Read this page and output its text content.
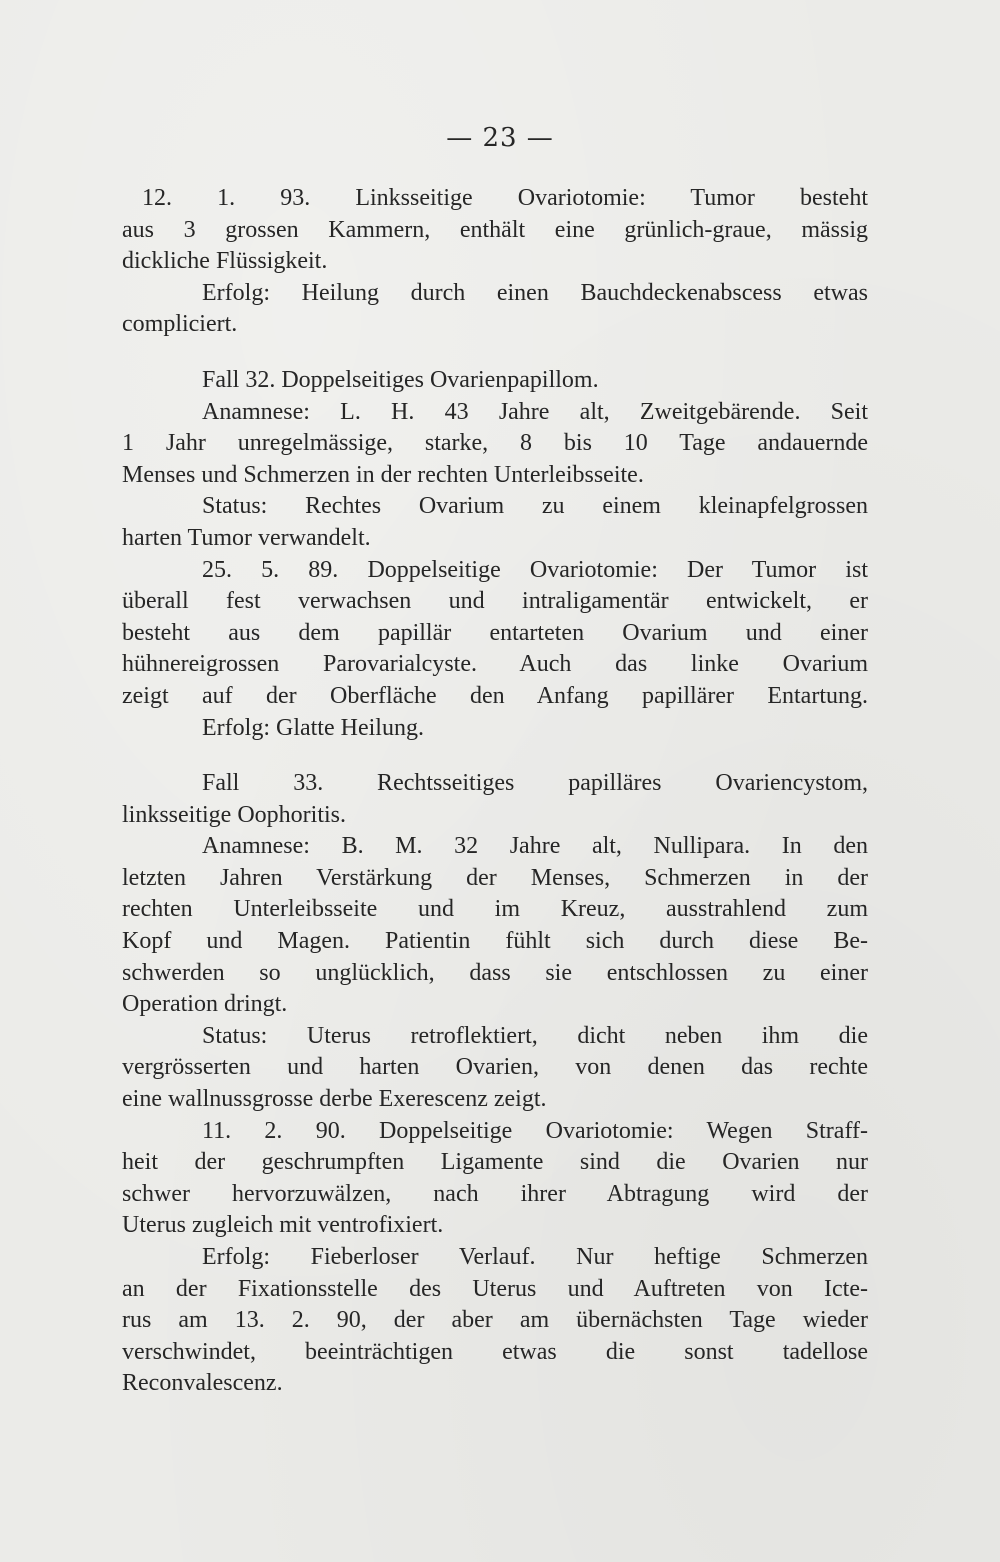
— 23 —
12. 1. 93. Linksseitige Ovariotomie: Tumor besteht
aus 3 grossen Kammern, enthält eine grünlich-graue, mässig
dickliche Flüssigkeit.
Erfolg: Heilung durch einen Bauchdeckenabscess etwas
compliciert.
Fall 32. Doppelseitiges Ovarienpapillom.
Anamnese: L. H. 43 Jahre alt, Zweitgebärende. Seit
1 Jahr unregelmässige, starke, 8 bis 10 Tage andauernde
Menses und Schmerzen in der rechten Unterleibsseite.
Status: Rechtes Ovarium zu einem kleinapfelgrossen
harten Tumor verwandelt.
25. 5. 89. Doppelseitige Ovariotomie: Der Tumor ist
überall fest verwachsen und intraligamentär entwickelt, er
besteht aus dem papillär entarteten Ovarium und einer
hühnereigrossen Parovarialcyste. Auch das linke Ovarium
zeigt auf der Oberfläche den Anfang papillärer Entartung.
Erfolg: Glatte Heilung.
Fall 33. Rechtsseitiges papilläres Ovariencystom,
linksseitige Oophoritis.
Anamnese: B. M. 32 Jahre alt, Nullipara. In den
letzten Jahren Verstärkung der Menses, Schmerzen in der
rechten Unterleibsseite und im Kreuz, ausstrahlend zum
Kopf und Magen. Patientin fühlt sich durch diese Be-
schwerden so unglücklich, dass sie entschlossen zu einer
Operation dringt.
Status: Uterus retroflektiert, dicht neben ihm die
vergrösserten und harten Ovarien, von denen das rechte
eine wallnussgrosse derbe Exerescenz zeigt.
11. 2. 90. Doppelseitige Ovariotomie: Wegen Straff-
heit der geschrumpften Ligamente sind die Ovarien nur
schwer hervorzuwälzen, nach ihrer Abtragung wird der
Uterus zugleich mit ventrofixiert.
Erfolg: Fieberloser Verlauf. Nur heftige Schmerzen
an der Fixationsstelle des Uterus und Auftreten von Icte-
rus am 13. 2. 90, der aber am übernächsten Tage wieder
verschwindet, beeinträchtigen etwas die sonst tadellose
Reconvalescenz.
